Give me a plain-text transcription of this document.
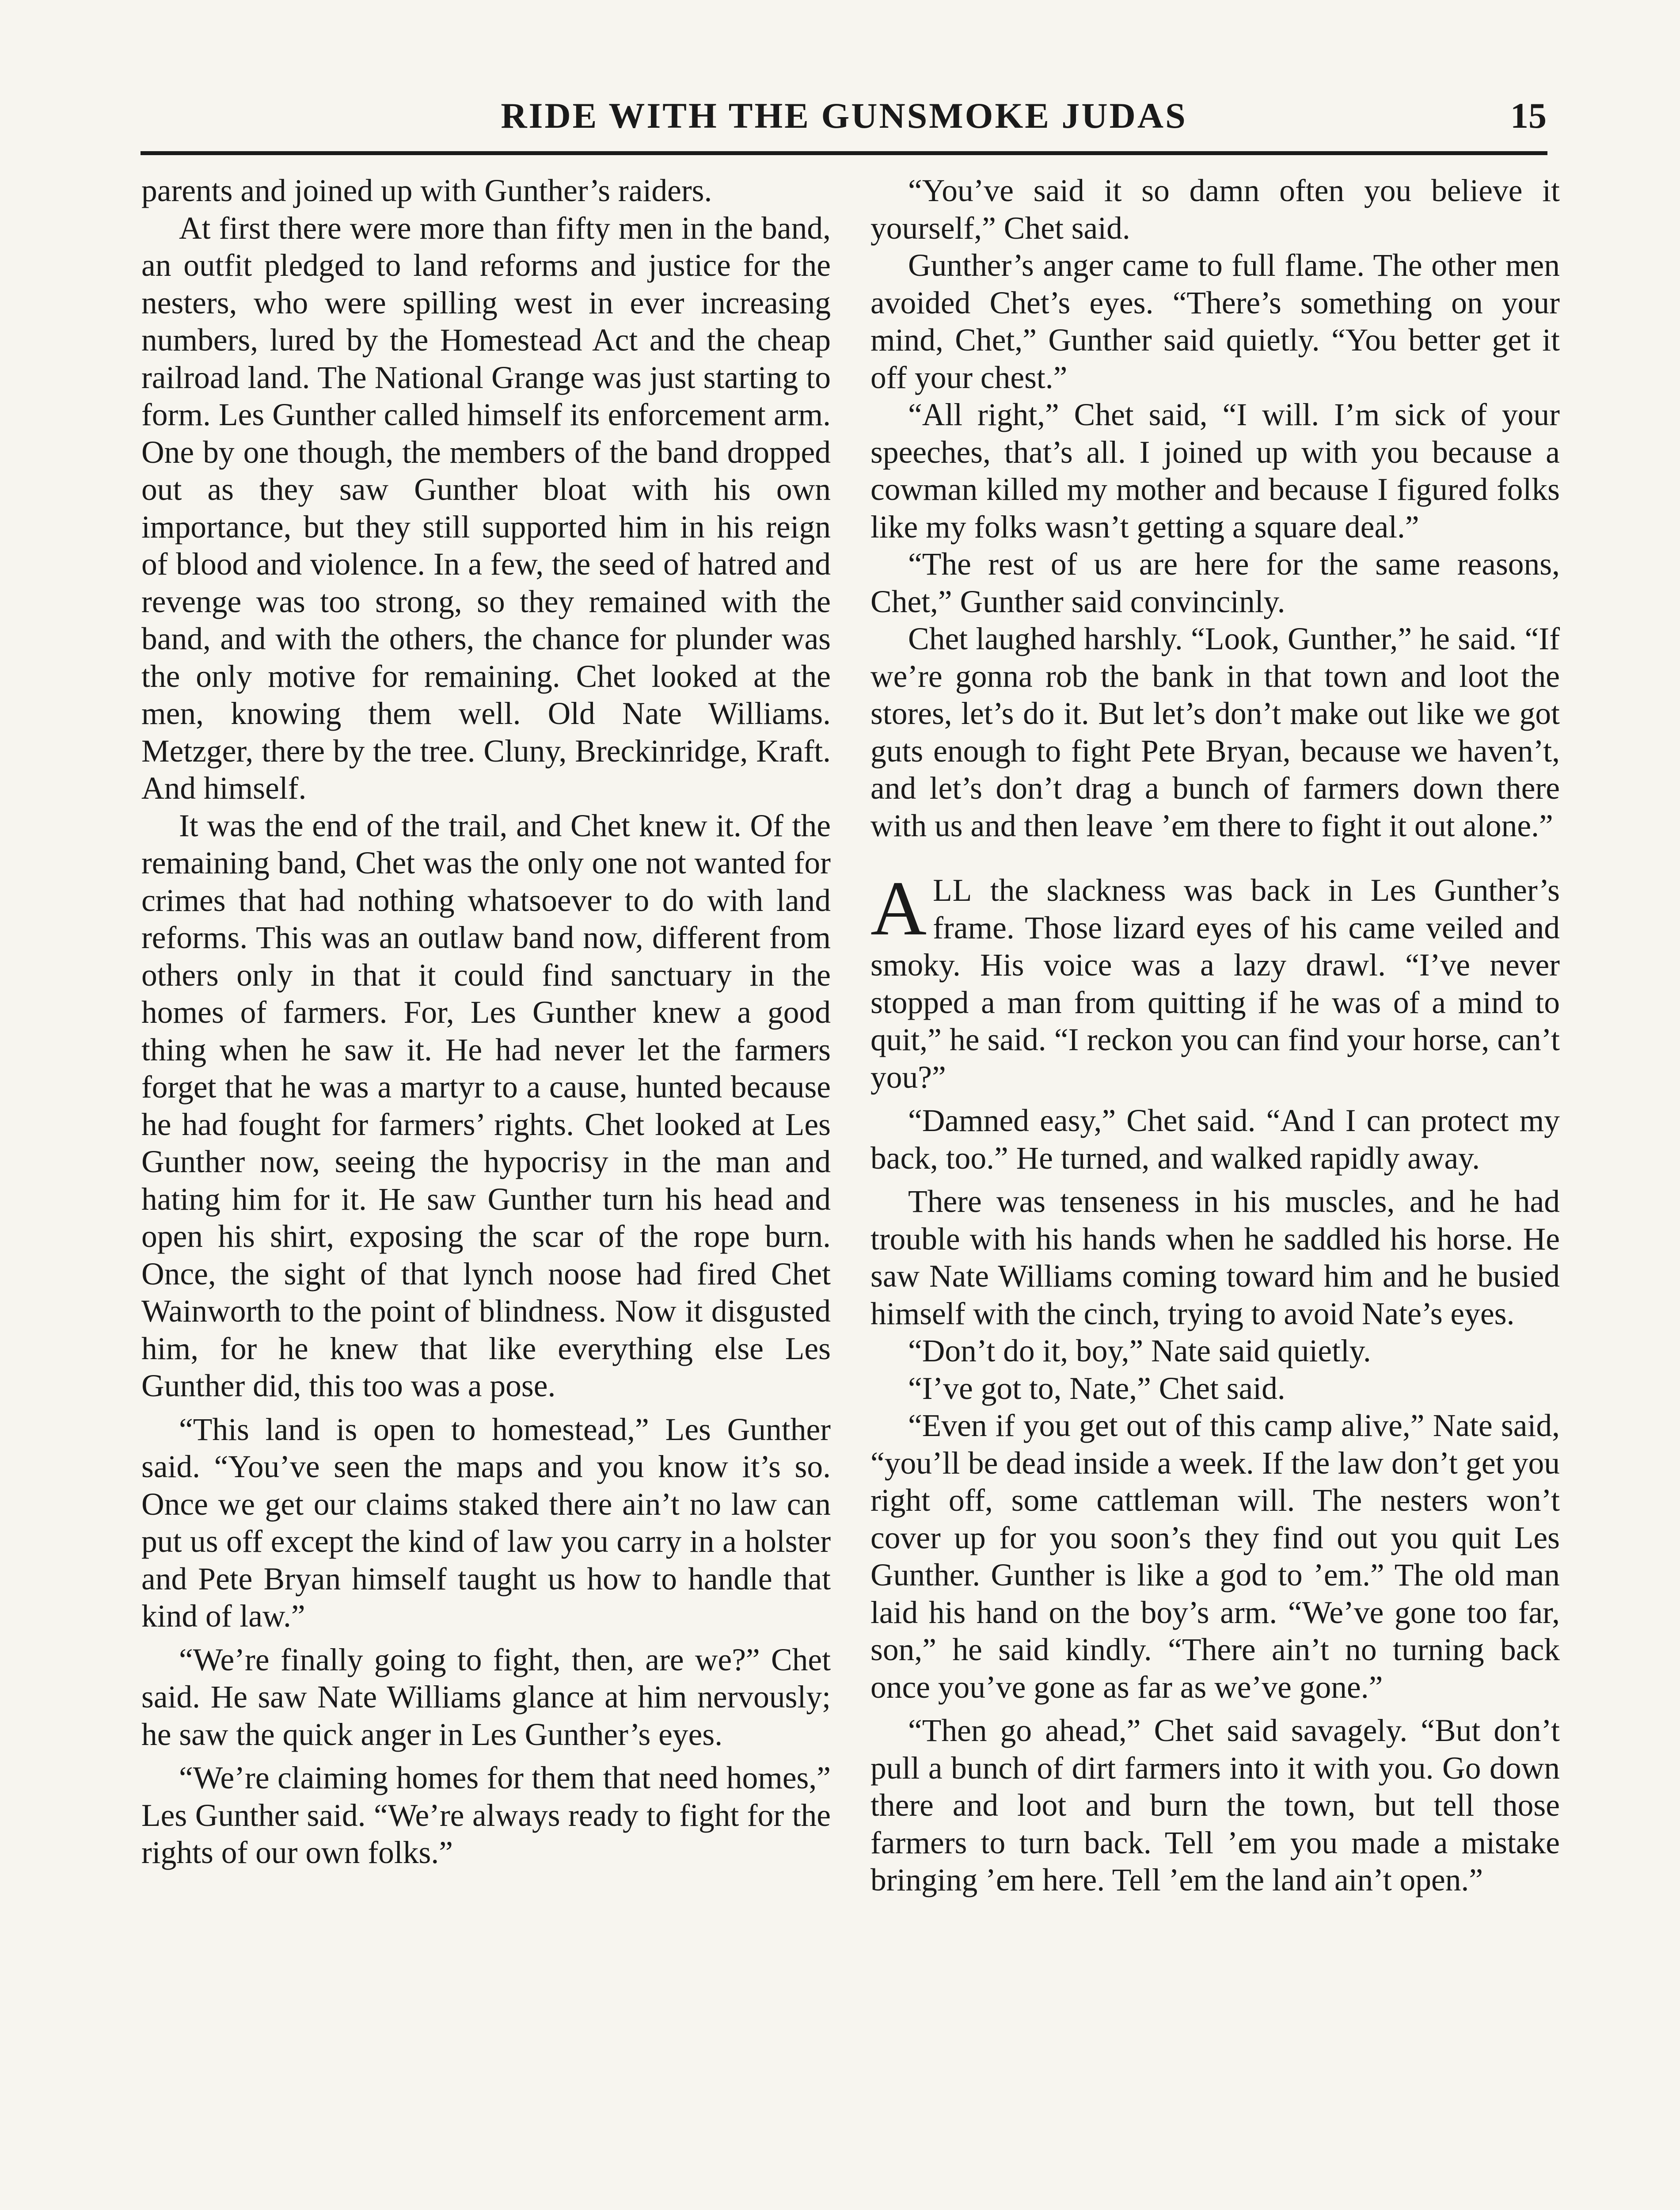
RIDE WITH THE GUNSMOKE JUDAS	15

parents and joined up with Gunther’s raiders.

At first there were more than fifty men in the band, an outfit pledged to land reforms and justice for the nesters, who were spilling west in ever increasing numbers, lured by the Homestead Act and the cheap railroad land. The National Grange was just starting to form. Les Gunther called himself its enforcement arm. One by one though, the members of the band dropped out as they saw Gunther bloat with his own importance, but they still supported him in his reign of blood and violence. In a few, the seed of hatred and revenge was too strong, so they remained with the band, and with the others, the chance for plunder was the only motive for remaining. Chet looked at the men, knowing them well. Old Nate Williams. Metzger, there by the tree. Cluny, Breckinridge, Kraft. And himself.

It was the end of the trail, and Chet knew it. Of the remaining band, Chet was the only one not wanted for crimes that had nothing whatsoever to do with land reforms. This was an outlaw band now, different from others only in that it could find sanctuary in the homes of farmers. For, Les Gunther knew a good thing when he saw it. He had never let the farmers forget that he was a martyr to a cause, hunted because he had fought for farmers’ rights. Chet looked at Les Gunther now, seeing the hypocrisy in the man and hating him for it. He saw Gunther turn his head and open his shirt, exposing the scar of the rope burn. Once, the sight of that lynch noose had fired Chet Wainworth to the point of blindness. Now it disgusted him, for he knew that like everything else Les Gunther did, this too was a pose.

“This land is open to homestead,” Les Gunther said. “You’ve seen the maps and you know it’s so. Once we get our claims staked there ain’t no law can put us off except the kind of law you carry in a holster and Pete Bryan himself taught us how to handle that kind of law.”

“We’re finally going to fight, then, are we?” Chet said. He saw Nate Williams glance at him nervously; he saw the quick anger in Les Gunther’s eyes.

“We’re claiming homes for them that need homes,” Les Gunther said. “We’re always ready to fight for the rights of our own folks.”

“You’ve said it so damn often you believe it yourself,” Chet said.

Gunther’s anger came to full flame. The other men avoided Chet’s eyes. “There’s something on your mind, Chet,” Gunther said quietly. “You better get it off your chest.”

“All right,” Chet said, “I will. I’m sick of your speeches, that’s all. I joined up with you because a cowman killed my mother and because I figured folks like my folks wasn’t getting a square deal.”

“The rest of us are here for the same reasons, Chet,” Gunther said convincinly.

Chet laughed harshly. “Look, Gunther,” he said. “If we’re gonna rob the bank in that town and loot the stores, let’s do it. But let’s don’t make out like we got guts enough to fight Pete Bryan, because we haven’t, and let’s don’t drag a bunch of farmers down there with us and then leave ’em there to fight it out alone.”

ALL the slackness was back in Les Gunther’s frame. Those lizard eyes of his came veiled and smoky. His voice was a lazy drawl. “I’ve never stopped a man from quitting if he was of a mind to quit,” he said. “I reckon you can find your horse, can’t you?”

“Damned easy,” Chet said. “And I can protect my back, too.” He turned, and walked rapidly away.

There was tenseness in his muscles, and he had trouble with his hands when he saddled his horse. He saw Nate Williams coming toward him and he busied himself with the cinch, trying to avoid Nate’s eyes.

“Don’t do it, boy,” Nate said quietly.

“I’ve got to, Nate,” Chet said.

“Even if you get out of this camp alive,” Nate said, “you’ll be dead inside a week. If the law don’t get you right off, some cattleman will. The nesters won’t cover up for you soon’s they find out you quit Les Gunther. Gunther is like a god to ’em.” The old man laid his hand on the boy’s arm. “We’ve gone too far, son,” he said kindly. “There ain’t no turning back once you’ve gone as far as we’ve gone.”

“Then go ahead,” Chet said savagely. “But don’t pull a bunch of dirt farmers into it with you. Go down there and loot and burn the town, but tell those farmers to turn back. Tell ’em you made a mistake bringing ’em here. Tell ’em the land ain’t open.”
